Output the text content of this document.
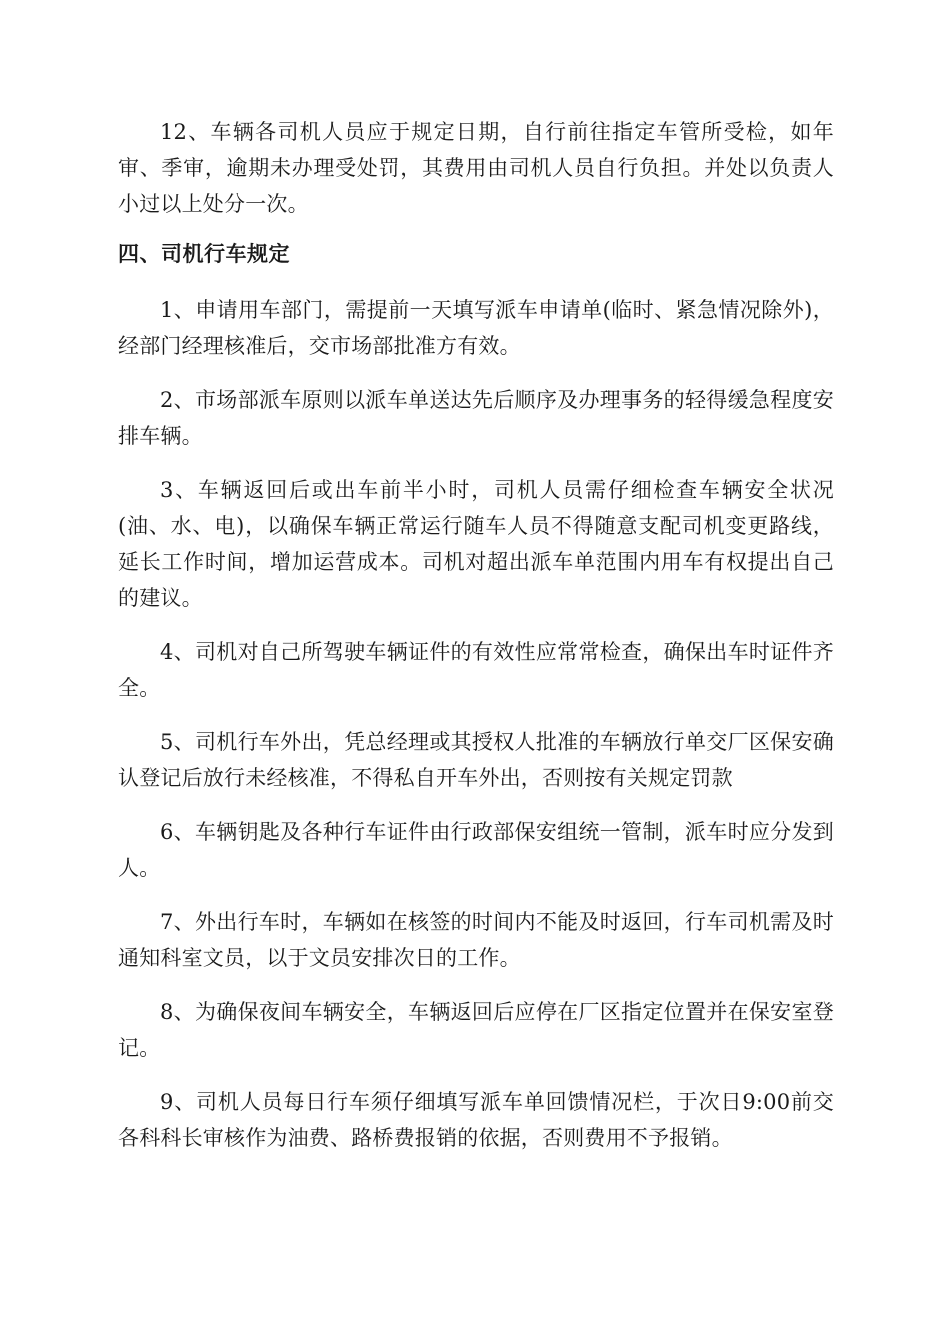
12、车辆各司机人员应于规定日期，自行前往指定车管所受检，如年审、季审，逾期未办理受处罚，其费用由司机人员自行负担。并处以负责人小过以上处分一次。

四、司机行车规定

1、申请用车部门，需提前一天填写派车申请单(临时、紧急情况除外)，经部门经理核准后，交市场部批准方有效。

2、市场部派车原则以派车单送达先后顺序及办理事务的轻得缓急程度安排车辆。

3、车辆返回后或出车前半小时，司机人员需仔细检查车辆安全状况(油、水、电)，以确保车辆正常运行随车人员不得随意支配司机变更路线，延长工作时间，增加运营成本。司机对超出派车单范围内用车有权提出自己的建议。

4、司机对自己所驾驶车辆证件的有效性应常常检查，确保出车时证件齐全。

5、司机行车外出，凭总经理或其授权人批准的车辆放行单交厂区保安确认登记后放行未经核准，不得私自开车外出，否则按有关规定罚款

6、车辆钥匙及各种行车证件由行政部保安组统一管制，派车时应分发到人。

7、外出行车时，车辆如在核签的时间内不能及时返回，行车司机需及时通知科室文员，以于文员安排次日的工作。

8、为确保夜间车辆安全，车辆返回后应停在厂区指定位置并在保安室登记。

9、司机人员每日行车须仔细填写派车单回馈情况栏，于次日9:00前交各科科长审核作为油费、路桥费报销的依据，否则费用不予报销。
